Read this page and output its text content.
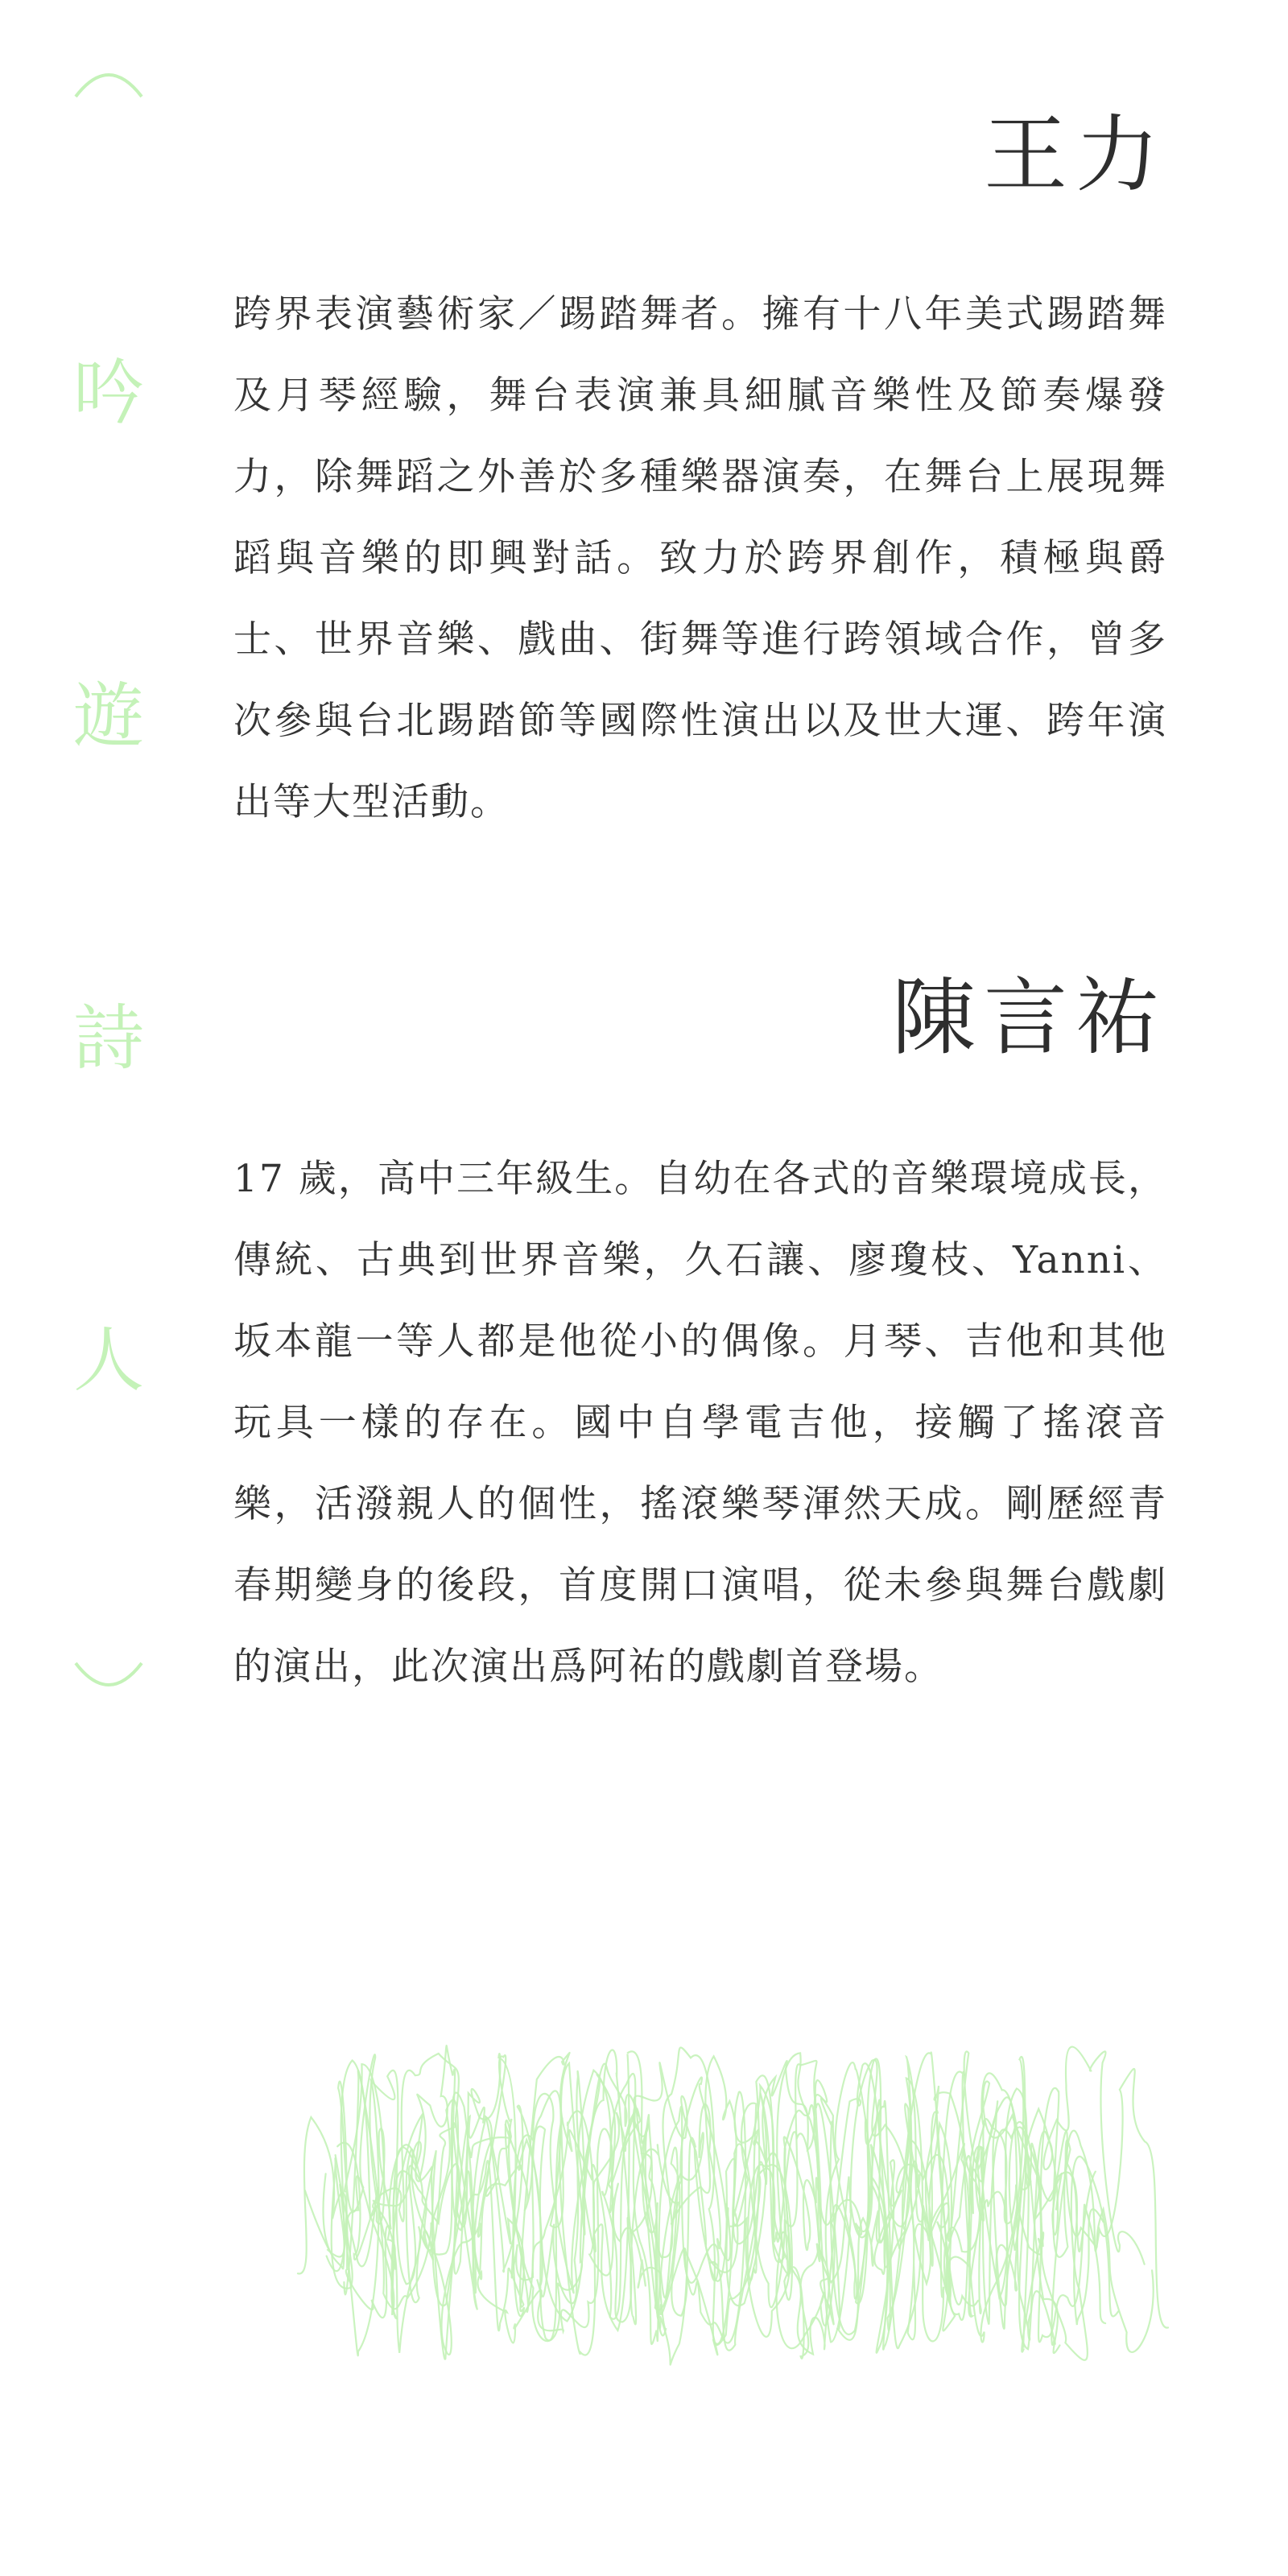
吟
遊
詩
人
王力

跨界表演藝術家／踢踏舞者。擁有十八年美式踢踏舞及月琴經驗，舞台表演兼具細膩音樂性及節奏爆發力，除舞蹈之外善於多種樂器演奏，在舞台上展現舞蹈與音樂的即興對話。致力於跨界創作，積極與爵士、世界音樂、戲曲、街舞等進行跨領域合作，曾多次參與台北踢踏節等國際性演出以及世大運、跨年演出等大型活動。

陳言祐

17 歲，高中三年級生。自幼在各式的音樂環境成長，傳統、古典到世界音樂，久石讓、廖瓊枝、Yanni、坂本龍一等人都是他從小的偶像。月琴、吉他和其他玩具一樣的存在。國中自學電吉他，接觸了搖滾音樂，活潑親人的個性，搖滾樂琴渾然天成。剛歷經青春期變身的後段，首度開口演唱，從未參與舞台戲劇的演出，此次演出爲阿祐的戲劇首登場。
